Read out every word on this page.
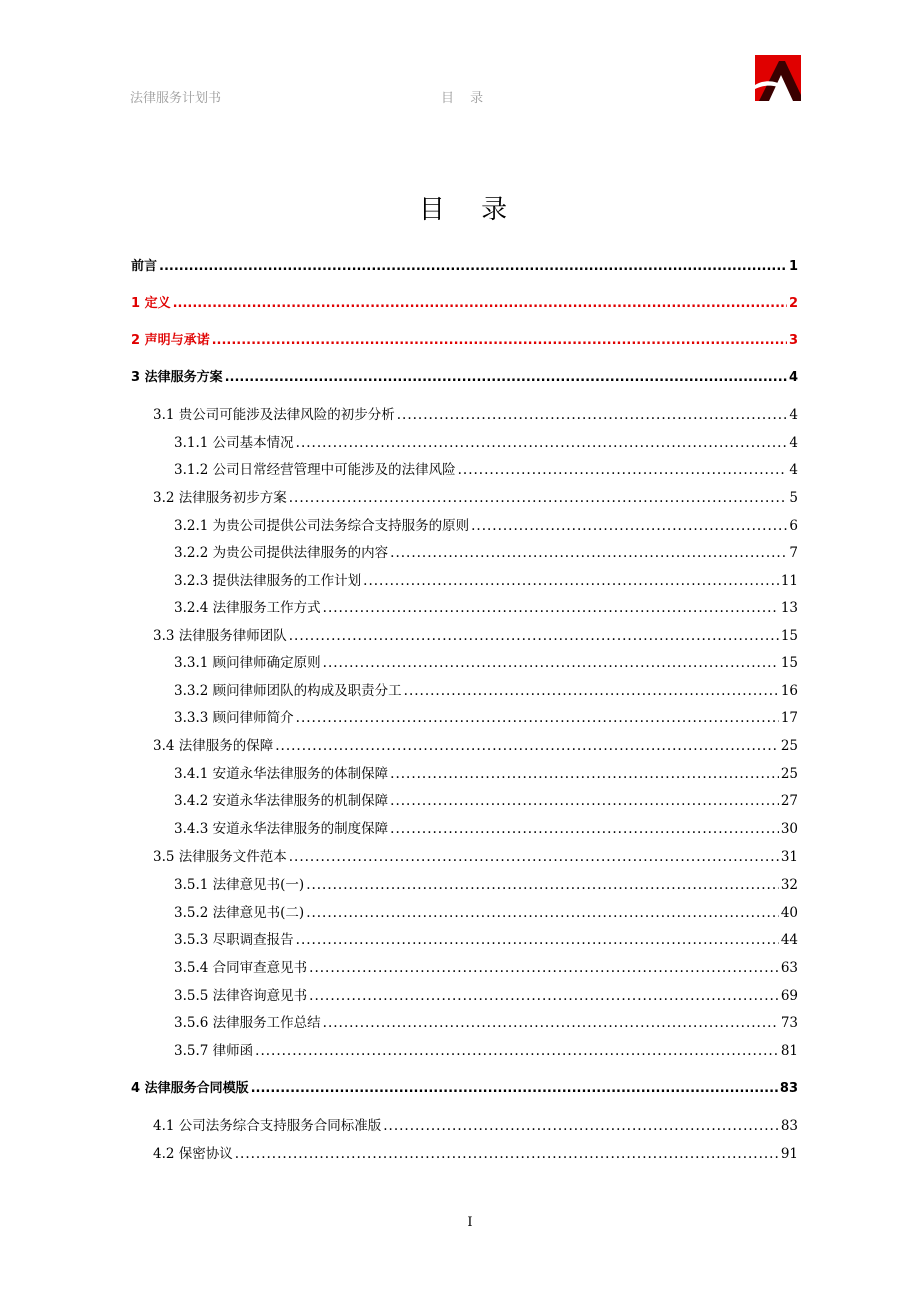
法律服务计划书	目 录
目 录
前言 .....	1
1 定义 .....	2
2 声明与承诺 .....	3
3 法律服务方案 .....	4
3.1 贵公司可能涉及法律风险的初步分析 .....	4
3.1.1 公司基本情况 .....	4
3.1.2 公司日常经营管理中可能涉及的法律风险 .....	4
3.2 法律服务初步方案 .....	5
3.2.1 为贵公司提供公司法务综合支持服务的原则 .....	6
3.2.2 为贵公司提供法律服务的内容 .....	7
3.2.3 提供法律服务的工作计划 .....	11
3.2.4 法律服务工作方式 .....	13
3.3 法律服务律师团队 .....	15
3.3.1 顾问律师确定原则 .....	15
3.3.2 顾问律师团队的构成及职责分工 .....	16
3.3.3 顾问律师简介 .....	17
3.4 法律服务的保障 .....	25
3.4.1 安道永华法律服务的体制保障 .....	25
3.4.2 安道永华法律服务的机制保障 .....	27
3.4.3 安道永华法律服务的制度保障 .....	30
3.5 法律服务文件范本 .....	31
3.5.1 法律意见书(一) .....	32
3.5.2 法律意见书(二) .....	40
3.5.3 尽职调查报告 .....	44
3.5.4 合同审查意见书 .....	63
3.5.5 法律咨询意见书 .....	69
3.5.6 法律服务工作总结 .....	73
3.5.7 律师函 .....	81
4 法律服务合同模版 .....	83
4.1 公司法务综合支持服务合同标准版 .....	83
4.2 保密协议 .....	91
I
